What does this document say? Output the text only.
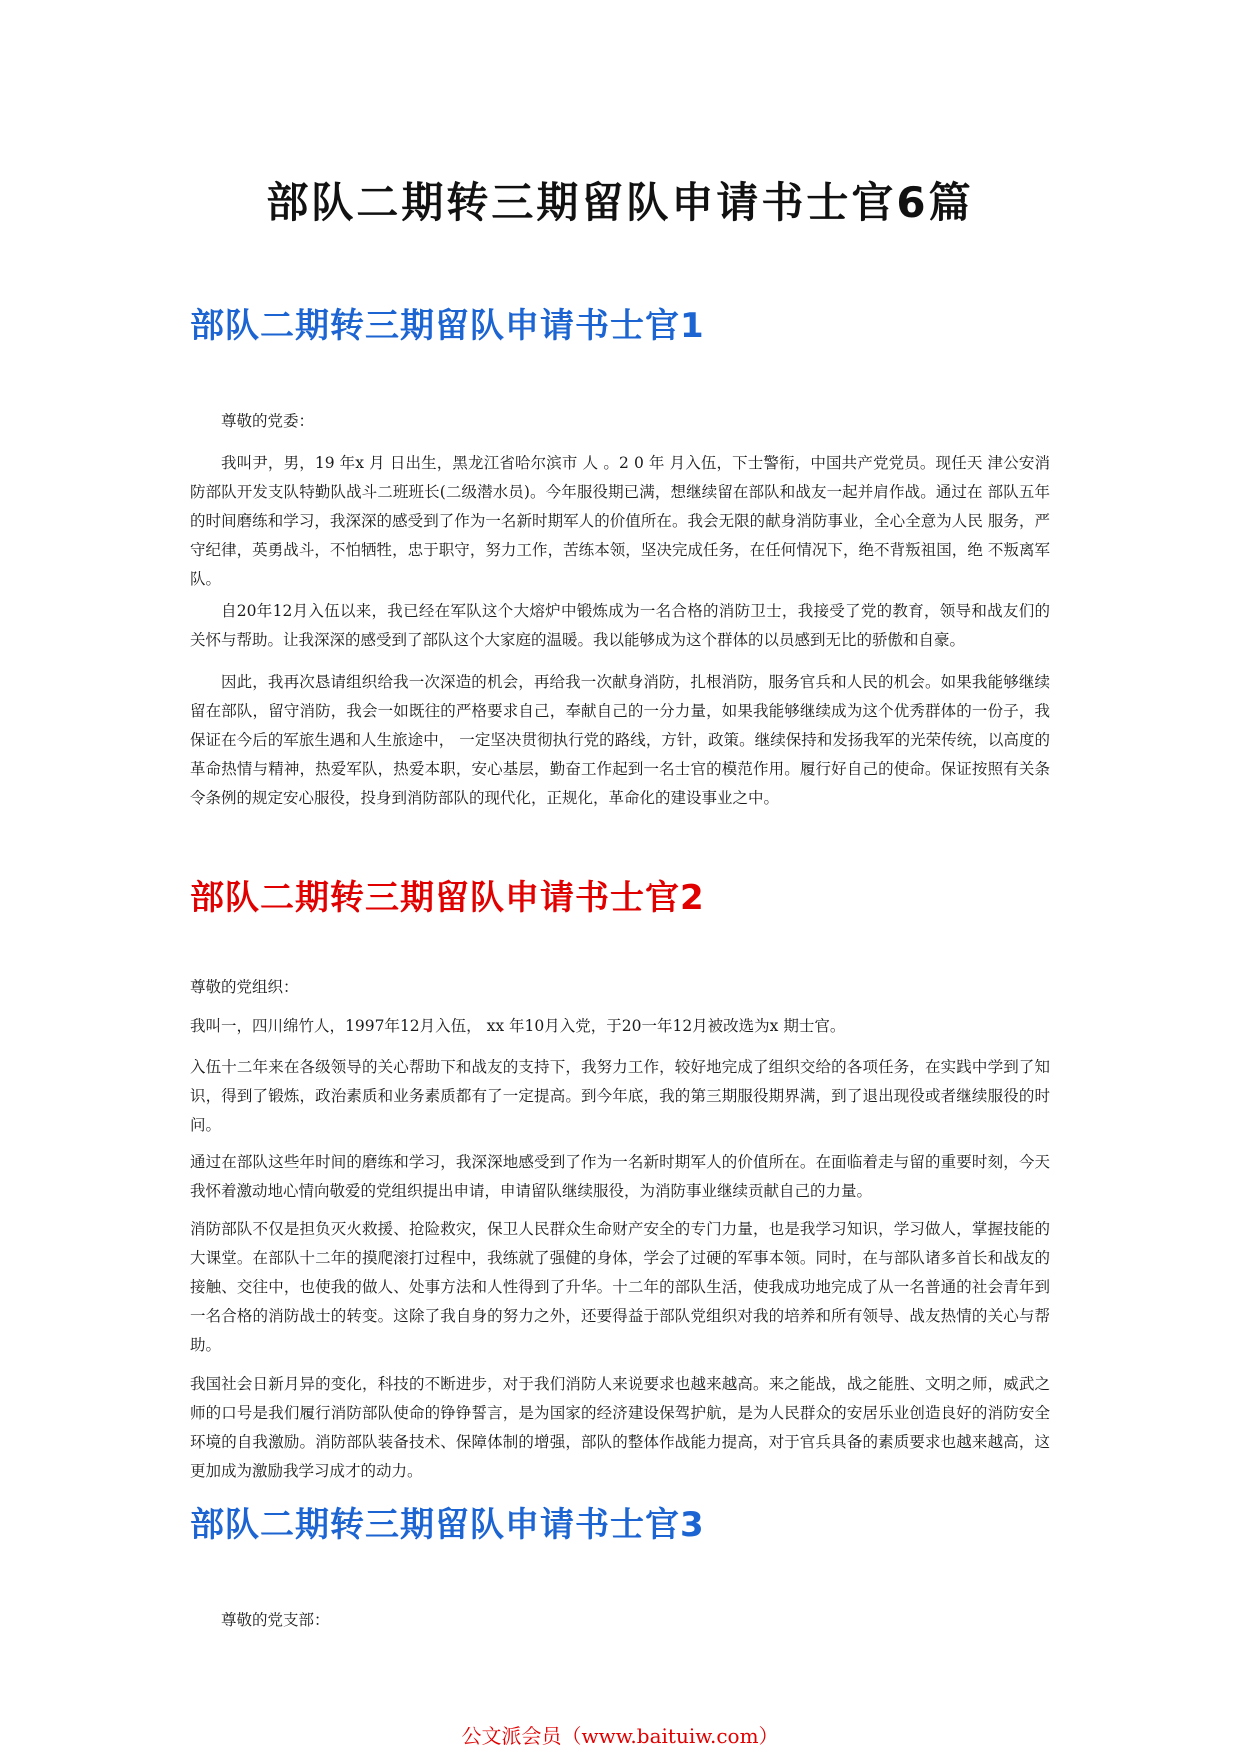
部队二期转三期留队申请书士官6篇
部队二期转三期留队申请书士官1

尊敬的党委：

我叫尹，男，19 年x 月 日出生，黑龙江省哈尔滨市 人 。2 0 年 月入伍，下士警衔，中国共产党党员。现任天 津公安消防部队开发支队特勤队战斗二班班长(二级潜水员)。今年服役期已满，想继续留在部队和战友一起并肩作战。通过在 部队五年的时间磨练和学习，我深深的感受到了作为一名新时期军人的价值所在。我会无限的献身消防事业，全心全意为人民 服务，严守纪律，英勇战斗，不怕牺牲，忠于职守，努力工作，苦练本领，坚决完成任务，在任何情况下，绝不背叛祖国，绝 不叛离军队。

自20年12月入伍以来，我已经在军队这个大熔炉中锻炼成为一名合格的消防卫士，我接受了党的教育，领导和战友们的 关怀与帮助。让我深深的感受到了部队这个大家庭的温暖。我以能够成为这个群体的以员感到无比的骄傲和自豪。

因此，我再次恳请组织给我一次深造的机会，再给我一次献身消防，扎根消防，服务官兵和人民的机会。如果我能够继续 留在部队，留守消防，我会一如既往的严格要求自己，奉献自己的一分力量，如果我能够继续成为这个优秀群体的一份子，我 保证在今后的军旅生遇和人生旅途中， 一定坚决贯彻执行党的路线，方针，政策。继续保持和发扬我军的光荣传统，以高度的 革命热情与精神，热爱军队，热爱本职，安心基层，勤奋工作起到一名士官的模范作用。履行好自己的使命。保证按照有关条 令条例的规定安心服役，投身到消防部队的现代化，正规化，革命化的建设事业之中。

部队二期转三期留队申请书士官2

尊敬的党组织：

我叫一，四川绵竹人，1997年12月入伍， xx 年10月入党，于20一年12月被改选为x 期士官。

入伍十二年来在各级领导的关心帮助下和战友的支持下，我努力工作，较好地完成了组织交给的各项任务，在实践中学到了知 识，得到了锻炼，政治素质和业务素质都有了一定提高。到今年底，我的第三期服役期界满，到了退出现役或者继续服役的时 问。

通过在部队这些年时间的磨练和学习，我深深地感受到了作为一名新时期军人的价值所在。在面临着走与留的重要时刻，今天 我怀着激动地心情向敬爱的党组织提出申请，申请留队继续服役，为消防事业继续贡献自己的力量。

消防部队不仅是担负灭火救援、抢险救灾，保卫人民群众生命财产安全的专门力量，也是我学习知识，学习做人，掌握技能的 大课堂。在部队十二年的摸爬滚打过程中，我练就了强健的身体，学会了过硬的军事本领。同时，在与部队诸多首长和战友的 接触、交往中，也使我的做人、处事方法和人性得到了升华。十二年的部队生活，使我成功地完成了从一名普通的社会青年到 一名合格的消防战士的转变。这除了我自身的努力之外，还要得益于部队党组织对我的培养和所有领导、战友热情的关心与帮 助。

我国社会日新月异的变化，科技的不断进步，对于我们消防人来说要求也越来越高。来之能战，战之能胜、文明之师，威武之 师的口号是我们履行消防部队使命的铮铮誓言，是为国家的经济建设保驾护航，是为人民群众的安居乐业创造良好的消防安全 环境的自我激励。消防部队装备技术、保障体制的增强，部队的整体作战能力提高，对于官兵具备的素质要求也越来越高，这 更加成为激励我学习成才的动力。

部队二期转三期留队申请书士官3

尊敬的党支部：

公文派会员（www.baituiw.com）
